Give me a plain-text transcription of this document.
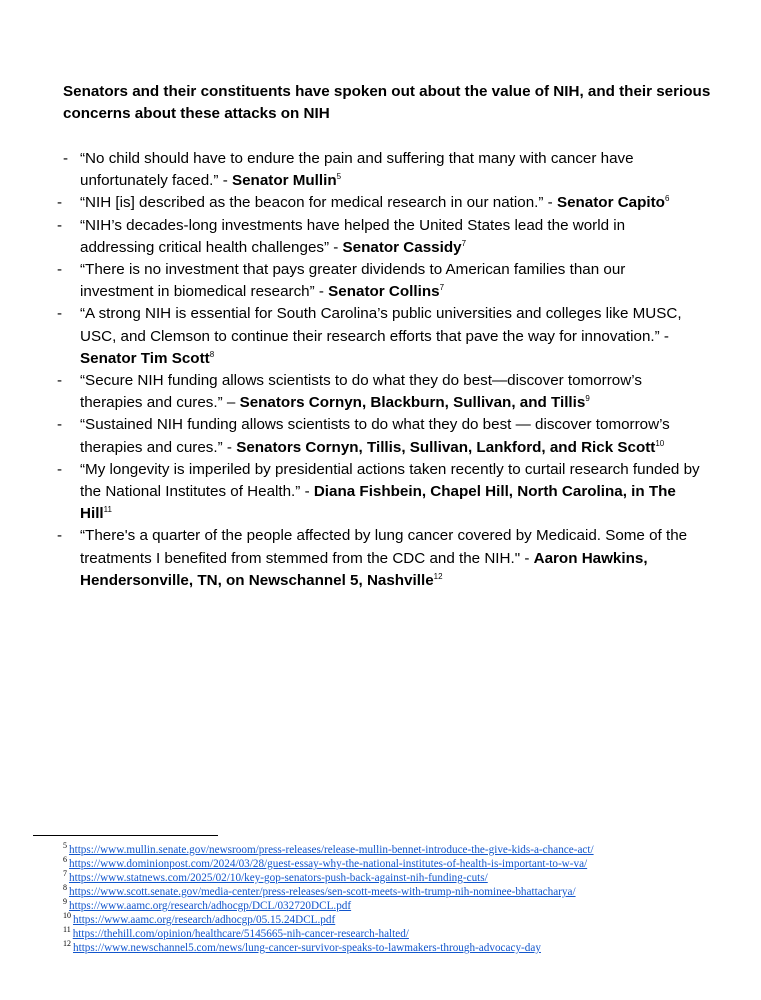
Senators and their constituents have spoken out about the value of NIH, and their serious concerns about these attacks on NIH

- “No child should have to endure the pain and suffering that many with cancer have unfortunately faced.” - Senator Mullin$^5$
- “NIH [is] described as the beacon for medical research in our nation.” - Senator Capito$^6$
- “NIH’s decades-long investments have helped the United States lead the world in addressing critical health challenges” - Senator Cassidy$^7$
- “There is no investment that pays greater dividends to American families than our investment in biomedical research” - Senator Collins$^7$
- “A strong NIH is essential for South Carolina’s public universities and colleges like MUSC, USC, and Clemson to continue their research efforts that pave the way for innovation.” - Senator Tim Scott$^8$
- “Secure NIH funding allows scientists to do what they do best—discover tomorrow’s therapies and cures.” – Senators Cornyn, Blackburn, Sullivan, and Tillis$^9$
- “Sustained NIH funding allows scientists to do what they do best — discover tomorrow’s therapies and cures.” - Senators Cornyn, Tillis, Sullivan, Lankford, and Rick Scott$^{10}$
- “My longevity is imperiled by presidential actions taken recently to curtail research funded by the National Institutes of Health.” - Diana Fishbein, Chapel Hill, North Carolina, in The Hill$^{11}$
- “There's a quarter of the people affected by lung cancer covered by Medicaid. Some of the treatments I benefited from stemmed from the CDC and the NIH." - Aaron Hawkins, Hendersonville, TN, on Newschannel 5, Nashville$^{12}$
$^5$ https://www.mullin.senate.gov/newsroom/press-releases/release-mullin-bennet-introduce-the-give-kids-a-chance-act/
$^6$ https://www.dominionpost.com/2024/03/28/guest-essay-why-the-national-institutes-of-health-is-important-to-w-va/
$^7$ https://www.statnews.com/2025/02/10/key-gop-senators-push-back-against-nih-funding-cuts/
$^8$ https://www.scott.senate.gov/media-center/press-releases/sen-scott-meets-with-trump-nih-nominee-bhattacharya/
$^9$ https://www.aamc.org/research/adhocgp/DCL/032720DCL.pdf
$^{10}$ https://www.aamc.org/research/adhocgp/05.15.24DCL.pdf
$^{11}$ https://thehill.com/opinion/healthcare/5145665-nih-cancer-research-halted/
$^{12}$ https://www.newschannel5.com/news/lung-cancer-survivor-speaks-to-lawmakers-through-advocacy-day
